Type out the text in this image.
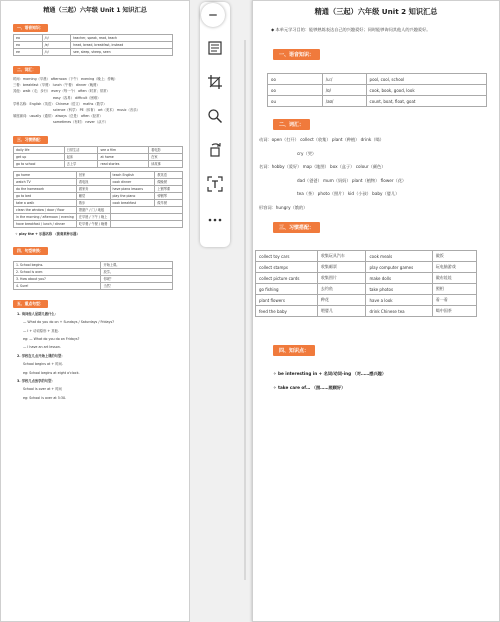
精通（三起）六年级 Unit 1 知识汇总
一、语音知识：
ea	/i:/	teacher, speak, read, teach
ea	/e/	head, bread, breakfast, instead
ee	/i:/	see, sleep, sheep, seen
二、词汇：
时间：morning（早晨） afternoon（下午） evening（晚上；傍晚）
三餐：breakfast（早餐） lunch（午餐） dinner（晚餐）
其他：walk（走；步行） every（每一个） often（时常；常常）
easy（容易） difficult（困难）
学科名称：English（英语） Chinese（语文） maths（数学）
science（科学） PE（体育） art（美术） music（音乐）
频度副词：usually（通常） always（总是） often（经常）
sometimes（有时） never（从不）
三、习惯搭配：
daily life	日常生活	see a film	看电影
get up	起床	at home	在家
go to school	去上学	read stories	读故事
go home	回家	teach English	教英语
watch TV	看电视	cook dinner	做晚餐
do the homework	做家务	have piano lessons	上钢琴课
go to bed	睡觉	play the piano	弹钢琴
take a walk	散步	cook breakfast	做早餐
clean the window / door / floor	擦窗户 / 门 / 地板		
in the morning / afternoon / evening	在早晨 / 下午 / 晚上		
have breakfast / lunch / dinner	吃早餐 / 午餐 / 晚餐		
✧ play the + 乐器名称 （演奏某种乐器）
四、句型转换：
1. School begins.	开始上课。
2. School is over.	放学。
3. How about you?	你呢？
4. Sure!	当然！
五、重点句型：
1. 询问他人星期几做什么：
— What do you do on + Sundays / Saturdays / Fridays?
— I + 动词原形 + 其他.
eg: — What do you do on Fridays?
— I have an art lesson.
2. 学校在几点开始上课的句型：
School begins at + 时间.
eg: School begins at eight o'clock.
3. 学校几点放学的句型：
School is over at + 时间
eg: School is over at 5:30.
精通（三起）六年级 Unit 2 知识汇总
◆ 本单元学习目的：能够熟练表达自己的兴趣爱好；同时能够询问其他人的兴趣爱好。
一、语音知识：
oo	/u:/	pool, cool, school
oo	/ʊ/	cook, book, good, look
ou	/aʊ/	count, boat, float, goat
二、词汇：
动词：open（打开） collect（收集） plant（种植） drink（喝）
cry（哭）
名词：hobby（爱好） map（地图） box（盒子） colour（颜色）
dad（爸爸） mum（妈妈） plant（植物） flower（花）
tea（茶） photo（照片） kid（小孩） baby（婴儿）
形容词：hungry（饿的）
三、习惯搭配：
collect toy cars	收集玩具汽车	cook meals	做饭
collect stamps	收集邮票	play computer games	玩电脑游戏
collect picture cards	收集图片	make dolls	做布娃娃
go fishing	去钓鱼	take photos	照相
plant flowers	种花	have a look	看一看
feed the baby	喂婴儿	drink Chinese tea	喝中国茶
四、知识点：
✧ be interesting in + 名词/动词-ing （对……感兴趣）
✧ take care of… （照……照顾好）
